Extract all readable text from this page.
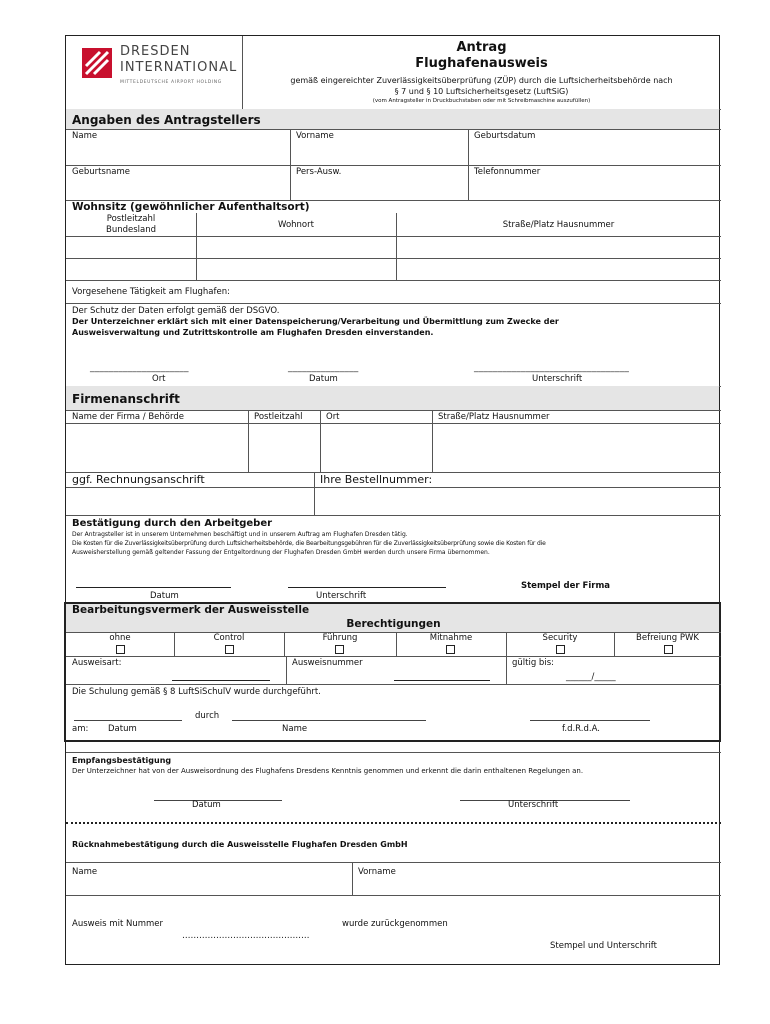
DRESDEN
INTERNATIONAL
MITTELDEUTSCHE AIRPORT HOLDING
Antrag
Flughafenausweis
gemäß eingereichter Zuverlässigkeitsüberprüfung (ZÜP) durch die Luftsicherheitsbehörde nach
§ 7 und § 10 Luftsicherheitsgesetz (LuftSiG)
(vom Antragsteller in Druckbuchstaben oder mit Schreibmaschine auszufüllen)
Angaben des Antragstellers
Name	Vorname	Geburtsdatum
Geburtsname	Pers-Ausw.	Telefonnummer
Wohnsitz (gewöhnlicher Aufenthaltsort)
Postleitzahl
Bundesland	Wohnort	Straße/Platz Hausnummer
Vorgesehene Tätigkeit am Flughafen:
Der Schutz der Daten erfolgt gemäß der DSGVO.
Der Unterzeichner erklärt sich mit einer Datenspeicherung/Verarbeitung und Übermittlung zum Zwecke der
Ausweisverwaltung und Zutrittskontrolle am Flughafen Dresden einverstanden.
_____________________	_______________	_________________________________
Ort	Datum	Unterschrift
Firmenanschrift
Name der Firma / Behörde	Postleitzahl	Ort	Straße/Platz Hausnummer
ggf. Rechnungsanschrift	Ihre Bestellnummer:
Bestätigung durch den Arbeitgeber
Der Antragsteller ist in unserem Unternehmen beschäftigt und in unserem Auftrag am Flughafen Dresden tätig.
Die Kosten für die Zuverlässigkeitsüberprüfung durch Luftsicherheitsbehörde, die Bearbeitungsgebühren für die Zuverlässigkeitsüberprüfung sowie die Kosten für die
Ausweisherstellung gemäß geltender Fassung der Entgeltordnung der Flughafen Dresden GmbH werden durch unsere Firma übernommen.
Datum	Unterschrift
Stempel der Firma
Bearbeitungsvermerk der Ausweisstelle
Berechtigungen
ohne	Control	Führung	Mitnahme	Security	Befreiung PWK
Ausweisart:	Ausweisnummer	gültig bis:
______/_____
Die Schulung gemäß § 8 LuftSiSchulV wurde durchgeführt.
durch
am: Datum	Name	f.d.R.d.A.
Empfangsbestätigung
Der Unterzeichner hat von der Ausweisordnung des Flughafens Dresdens Kenntnis genommen und erkennt die darin enthaltenen Regelungen an.
Datum	Unterschrift
Rücknahmebestätigung durch die Ausweisstelle Flughafen Dresden GmbH
Name	Vorname
Ausweis mit Nummer
………………………………………
wurde zurückgenommen
Stempel und Unterschrift
